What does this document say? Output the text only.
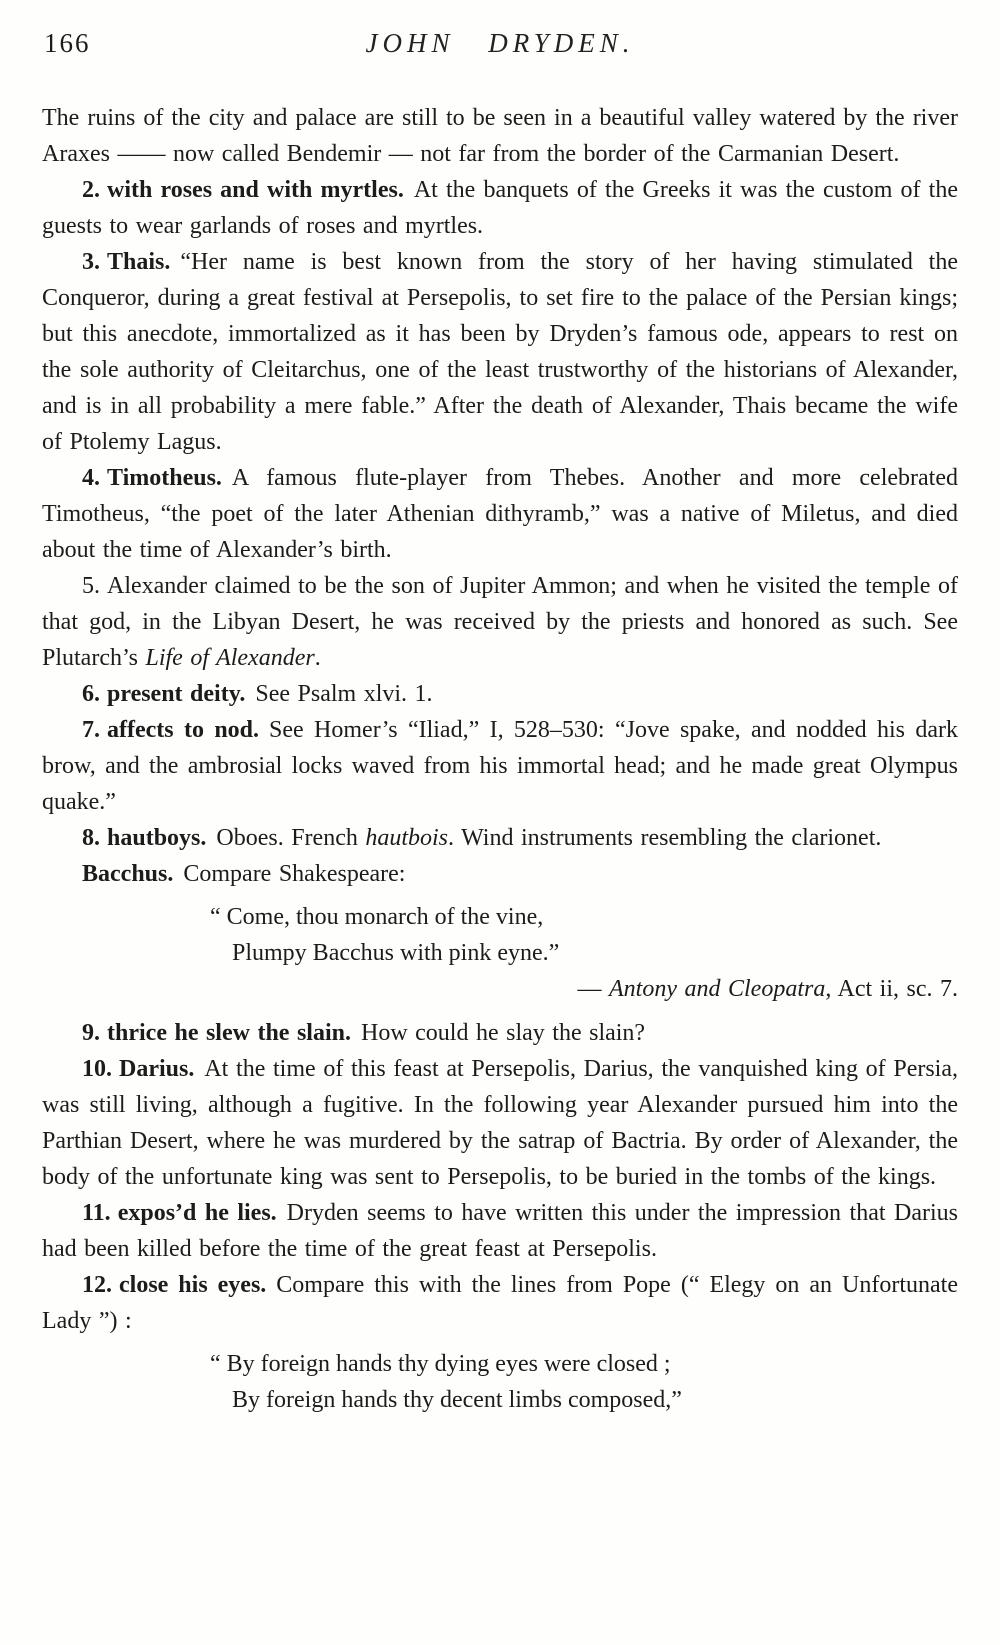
166	JOHN DRYDEN.

The ruins of the city and palace are still to be seen in a beautiful valley watered by the river Araxes —— now called Bendemir — not far from the border of the Carmanian Desert.

2. with roses and with myrtles. At the banquets of the Greeks it was the custom of the guests to wear garlands of roses and myrtles.

3. Thais. “Her name is best known from the story of her having stimulated the Conqueror, during a great festival at Persepolis, to set fire to the palace of the Persian kings; but this anecdote, immortalized as it has been by Dryden’s famous ode, appears to rest on the sole authority of Cleitarchus, one of the least trustworthy of the historians of Alexander, and is in all probability a mere fable.” After the death of Alexander, Thais became the wife of Ptolemy Lagus.

4. Timotheus. A famous flute-player from Thebes. Another and more celebrated Timotheus, “the poet of the later Athenian dithyramb,” was a native of Miletus, and died about the time of Alexander’s birth.

5. Alexander claimed to be the son of Jupiter Ammon; and when he visited the temple of that god, in the Libyan Desert, he was received by the priests and honored as such. See Plutarch’s Life of Alexander.

6. present deity. See Psalm xlvi. 1.

7. affects to nod. See Homer’s “Iliad,” I, 528–530: “Jove spake, and nodded his dark brow, and the ambrosial locks waved from his immortal head; and he made great Olympus quake.”

8. hautboys. Oboes. French hautbois. Wind instruments resembling the clarionet.

Bacchus. Compare Shakespeare:

“ Come, thou monarch of the vine,
Plumpy Bacchus with pink eyne.”

— Antony and Cleopatra, Act ii, sc. 7.

9. thrice he slew the slain. How could he slay the slain?

10. Darius. At the time of this feast at Persepolis, Darius, the vanquished king of Persia, was still living, although a fugitive. In the following year Alexander pursued him into the Parthian Desert, where he was murdered by the satrap of Bactria. By order of Alexander, the body of the unfortunate king was sent to Persepolis, to be buried in the tombs of the kings.

11. expos’d he lies. Dryden seems to have written this under the impression that Darius had been killed before the time of the great feast at Persepolis.

12. close his eyes. Compare this with the lines from Pope (“ Elegy on an Unfortunate Lady ”) :

“ By foreign hands thy dying eyes were closed ;
By foreign hands thy decent limbs composed,”
